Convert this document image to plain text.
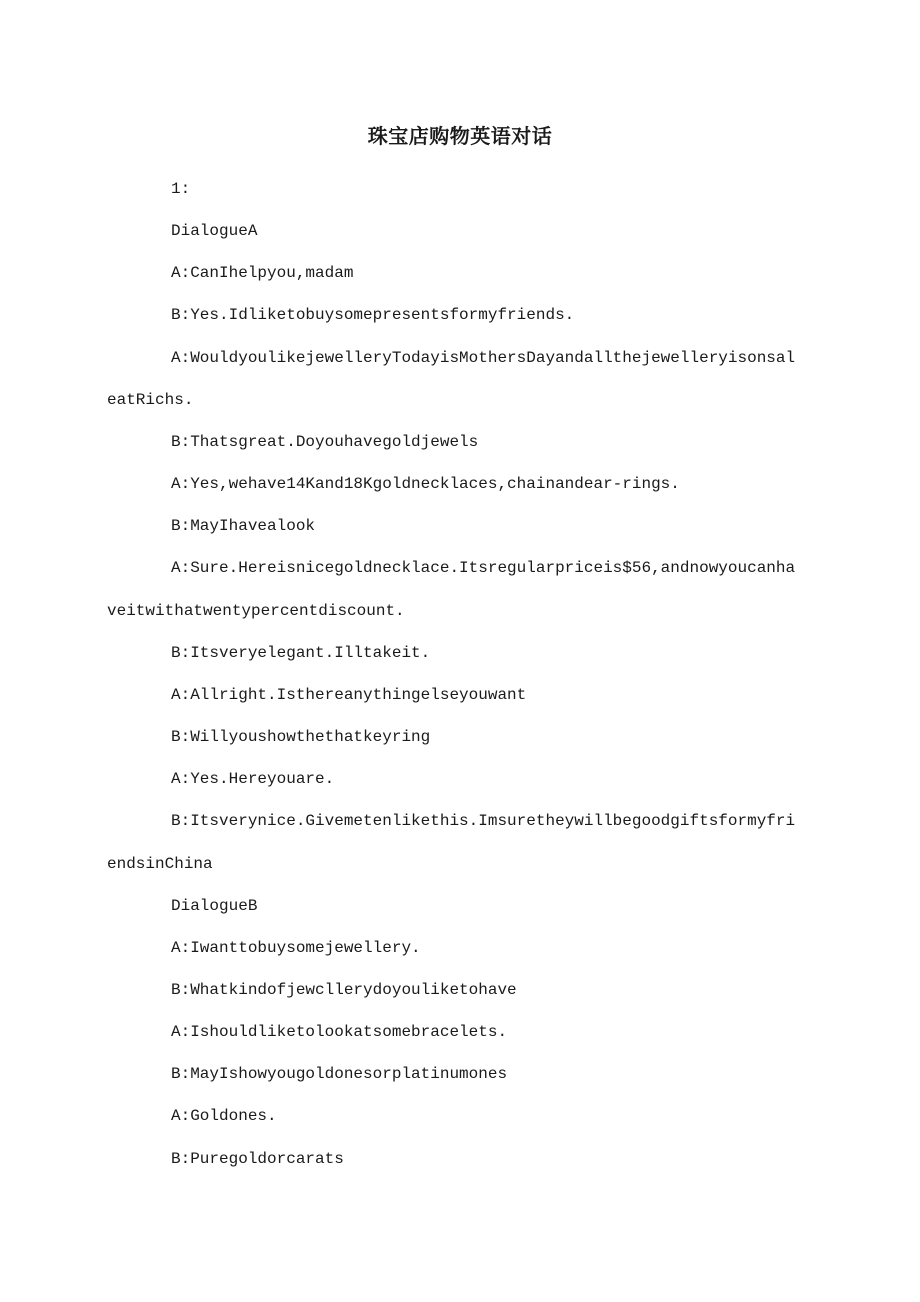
珠宝店购物英语对话
1:
DialogueA
A:CanIhelpyou,madam
B:Yes.Idliketobuysomepresentsformyfriends.
A:WouldyoulikejewelleryTodayisMothersDayandallthejewelleryisonsal
eatRichs.
B:Thatsgreat.Doyouhavegoldjewels
A:Yes,wehave14Kand18Kgoldnecklaces,chainandear-rings.
B:MayIhavealook
A:Sure.Hereisnicegoldnecklace.Itsregularpriceis$56,andnowyoucanha
veitwithatwentypercentdiscount.
B:Itsveryelegant.Illtakeit.
A:Allright.Isthereanythingelseyouwant
B:Willyoushowthethatkeyring
A:Yes.Hereyouare.
B:Itsverynice.Givemetenlikethis.Imsuretheywillbegoodgiftsformyfri
endsinChina
DialogueB
A:Iwanttobuysomejewellery.
B:Whatkindofjewcllerydoyouliketohave
A:Ishouldliketolookatsomebracelets.
B:MayIshowyougoldonesorplatinumones
A:Goldones.
B:Puregoldorcarats
